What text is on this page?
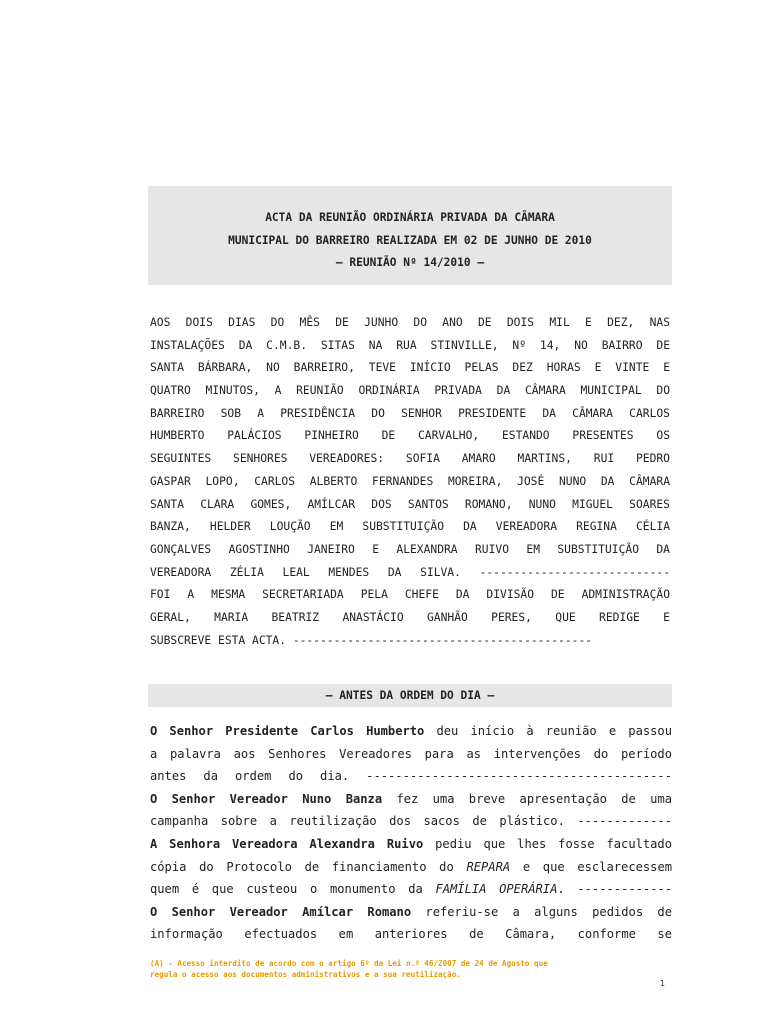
ACTA DA REUNIÃO ORDINÁRIA PRIVADA DA CÂMARA
MUNICIPAL DO BARREIRO REALIZADA EM 02 DE JUNHO DE 2010
– REUNIÃO Nº 14/2010 –
AOS DOIS DIAS DO MÊS DE JUNHO DO ANO DE DOIS MIL E DEZ, NAS
INSTALAÇÕES DA C.M.B. SITAS NA RUA STINVILLE, Nº 14, NO BAIRRO DE
SANTA BÁRBARA, NO BARREIRO, TEVE INÍCIO PELAS DEZ HORAS E VINTE E
QUATRO MINUTOS, A REUNIÃO ORDINÁRIA PRIVADA DA CÂMARA MUNICIPAL DO
BARREIRO SOB A PRESIDÊNCIA DO SENHOR PRESIDENTE DA CÂMARA CARLOS
HUMBERTO PALÁCIOS PINHEIRO DE CARVALHO, ESTANDO PRESENTES OS
SEGUINTES SENHORES VEREADORES: SOFIA AMARO MARTINS, RUI PEDRO
GASPAR LOPO, CARLOS ALBERTO FERNANDES MOREIRA, JOSÉ NUNO DA CÂMARA
SANTA CLARA GOMES, AMÍLCAR DOS SANTOS ROMANO, NUNO MIGUEL SOARES
BANZA, HELDER LOUÇÃO EM SUBSTITUIÇÃO DA VEREADORA REGINA CÉLIA
GONÇALVES AGOSTINHO JANEIRO E ALEXANDRA RUIVO EM SUBSTITUIÇÃO DA
VEREADORA ZÉLIA LEAL MENDES DA SILVA. ----------------------------
FOI A MESMA SECRETARIADA PELA CHEFE DA DIVISÃO DE ADMINISTRAÇÃO
GERAL, MARIA BEATRIZ ANASTÁCIO GANHÃO PERES, QUE REDIGE E
SUBSCREVE ESTA ACTA. --------------------------------------------
– ANTES DA ORDEM DO DIA –
O Senhor Presidente Carlos Humberto deu início à reunião e passou
a palavra aos Senhores Vereadores para as intervenções do período
antes da ordem do dia. ------------------------------------------
O Senhor Vereador Nuno Banza fez uma breve apresentação de uma
campanha sobre a reutilização dos sacos de plástico. -------------
A Senhora Vereadora Alexandra Ruivo pediu que lhes fosse facultado
cópia do Protocolo de financiamento do REPARA e que esclarecessem
quem é que custeou o monumento da FAMÍLIA OPERÁRIA. -------------
O Senhor Vereador Amílcar Romano referiu-se a alguns pedidos de
informação efectuados em anteriores de Câmara, conforme se
(A) - Acesso interdito de acordo com o artigo 6º da Lei n.º 46/2007 de 24 de Agosto que
regula o acesso aos documentos administrativos e a sua reutilização.
1
